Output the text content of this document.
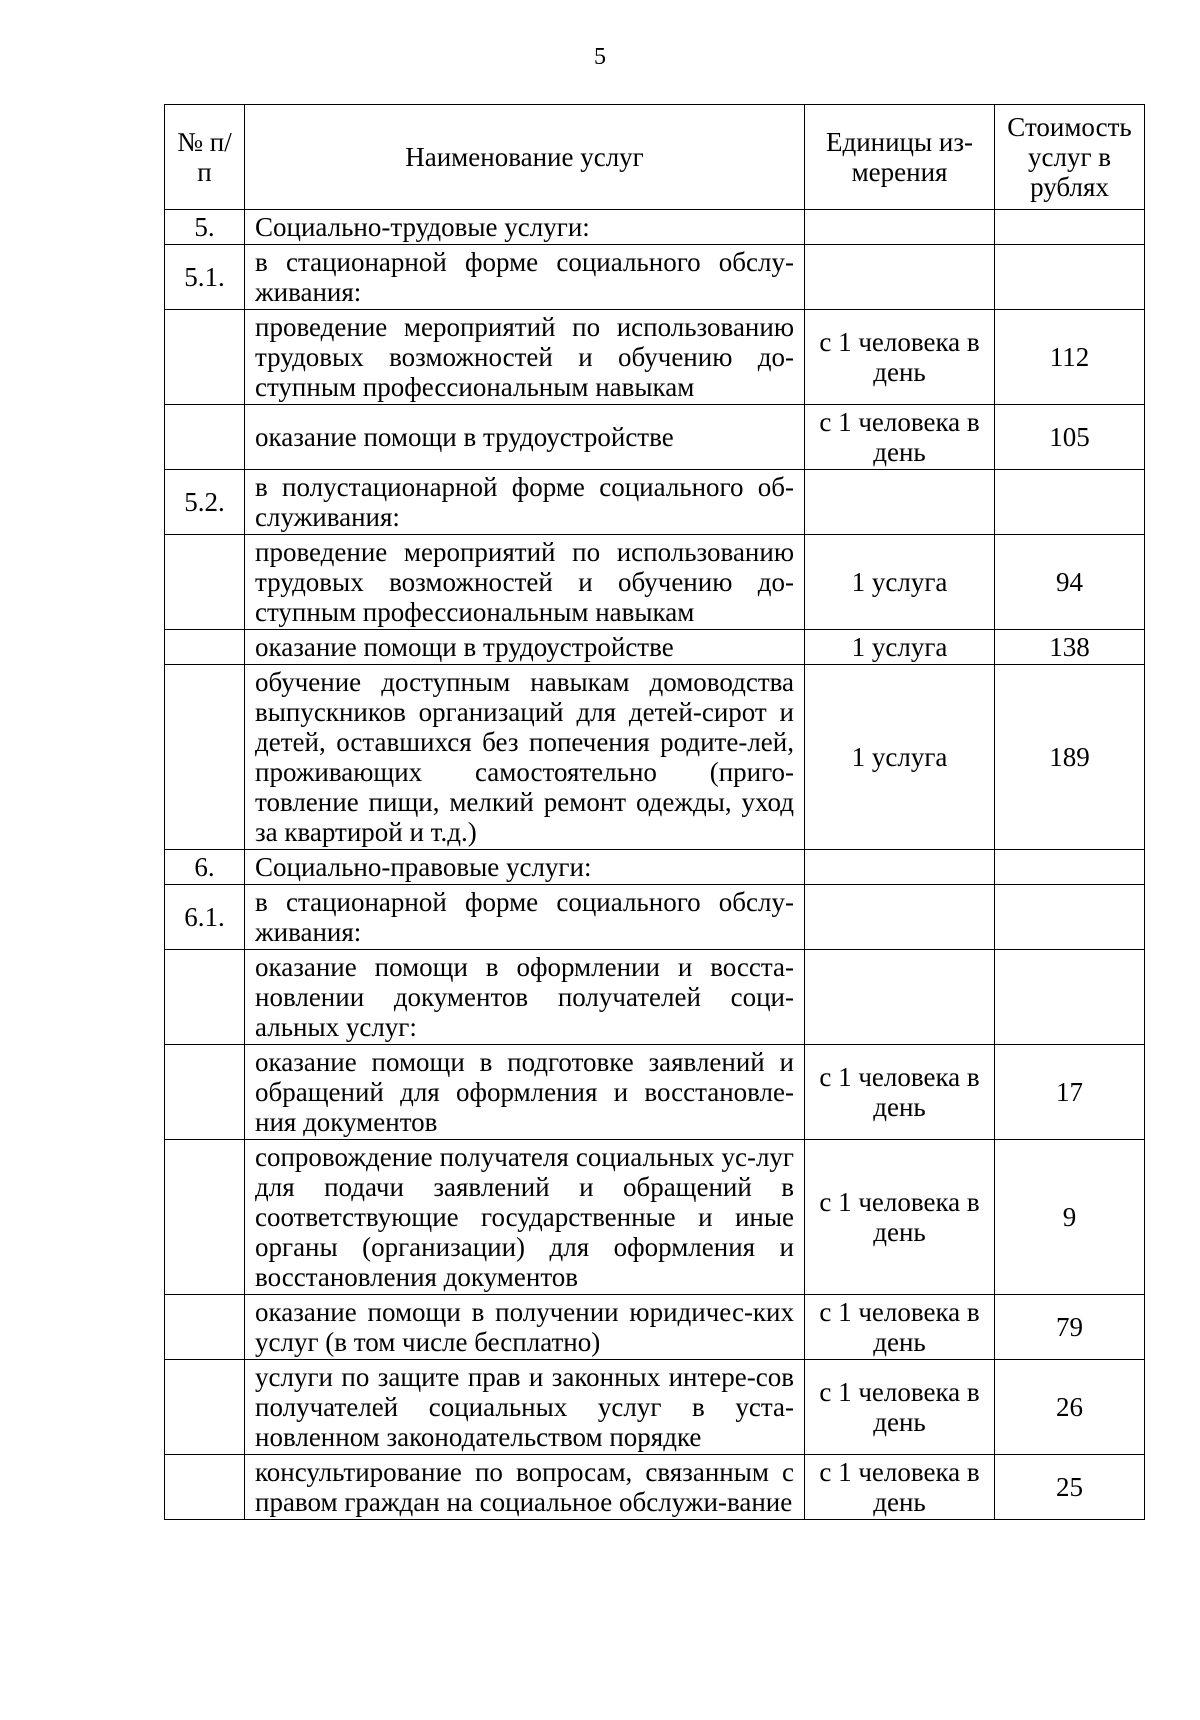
5
№ п/п	Наименование услуг	Единицы из-мерения	Стоимость услуг в рублях
5.	Социально-трудовые услуги:		
5.1.	в стационарной форме социального обслу-живания:		
	проведение мероприятий по использованию трудовых возможностей и обучению до-ступным профессиональным навыкам	с 1 человека в день	112
	оказание помощи в трудоустройстве	с 1 человека в день	105
5.2.	в полустационарной форме социального об-служивания:		
	проведение мероприятий по использованию трудовых возможностей и обучению до-ступным профессиональным навыкам	1 услуга	94
	оказание помощи в трудоустройстве	1 услуга	138
	обучение доступным навыкам домоводства выпускников организаций для детей-сирот и детей, оставшихся без попечения родите-лей, проживающих самостоятельно (приго-товление пищи, мелкий ремонт одежды, уход за квартирой и т.д.)	1 услуга	189
6.	Социально-правовые услуги:		
6.1.	в стационарной форме социального обслу-живания:		
	оказание помощи в оформлении и восста-новлении документов получателей соци-альных услуг:		
	оказание помощи в подготовке заявлений и обращений для оформления и восстановле-ния документов	с 1 человека в день	17
	сопровождение получателя социальных ус-луг для подачи заявлений и обращений в соответствующие государственные и иные органы (организации) для оформления и восстановления документов	с 1 человека в день	9
	оказание помощи в получении юридичес-ких услуг (в том числе бесплатно)	с 1 человека в день	79
	услуги по защите прав и законных интере-сов получателей социальных услуг в уста-новленном законодательством порядке	с 1 человека в день	26
	консультирование по вопросам, связанным с правом граждан на социальное обслужи-вание	с 1 человека в день	25
